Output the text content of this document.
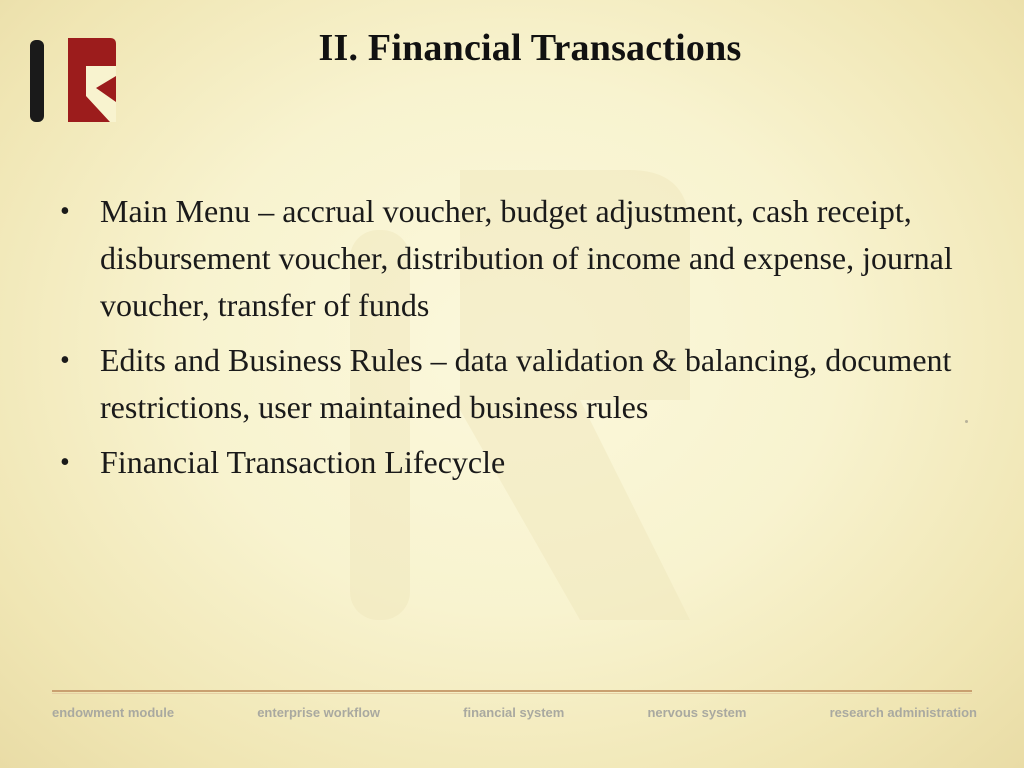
II. Financial Transactions
• Main Menu – accrual voucher, budget adjustment, cash receipt, disbursement voucher, distribution of income and expense, journal voucher, transfer of funds
• Edits and Business Rules – data validation & balancing, document restrictions, user maintained business rules
• Financial Transaction Lifecycle
endowment module	enterprise workflow	financial system	nervous system	research administration
